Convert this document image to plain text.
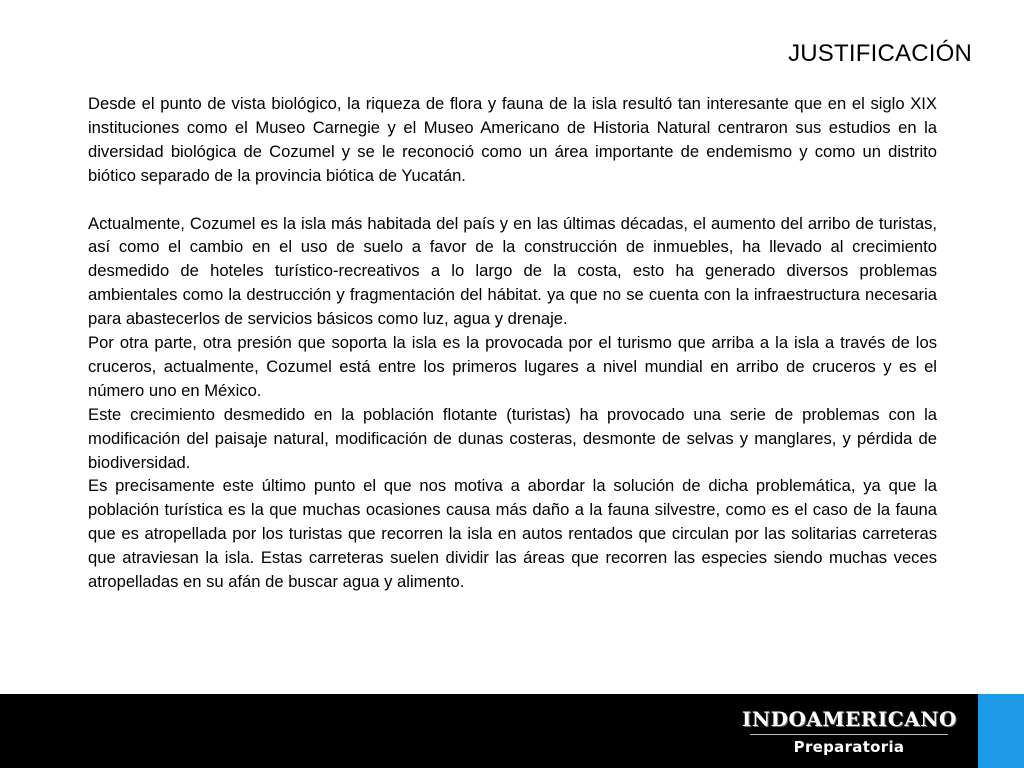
JUSTIFICACIÓN

Desde el punto de vista biológico, la riqueza de flora y fauna de la isla resultó tan interesante que en el siglo XIX instituciones como el Museo Carnegie y el Museo Americano de Historia Natural centraron sus estudios en la diversidad biológica de Cozumel y se le reconoció como un área importante de endemismo y como un distrito biótico separado de la provincia biótica de Yucatán.

Actualmente, Cozumel es la isla más habitada del país y en las últimas décadas, el aumento del arribo de turistas, así como el cambio en el uso de suelo a favor de la construcción de inmuebles, ha llevado al crecimiento desmedido de hoteles turístico-recreativos a lo largo de la costa, esto ha generado diversos problemas ambientales como la destrucción y fragmentación del hábitat. ya que no se cuenta con la infraestructura necesaria para abastecerlos de servicios básicos como luz, agua y drenaje.

Por otra parte, otra presión que soporta la isla es la provocada por el turismo que arriba a la isla a través de los cruceros, actualmente, Cozumel está entre los primeros lugares a nivel mundial en arribo de cruceros y es el número uno en México.

Este crecimiento desmedido en la población flotante (turistas) ha provocado una serie de problemas con la modificación del paisaje natural, modificación de dunas costeras, desmonte de selvas y manglares, y pérdida de biodiversidad.

Es precisamente este último punto el que nos motiva a abordar la solución de dicha problemática, ya que la población turística es la que muchas ocasiones causa más daño a la fauna silvestre, como es el caso de la fauna que es atropellada por los turistas que recorren la isla en autos rentados que circulan por las solitarias carreteras que atraviesan la isla. Estas carreteras suelen dividir las áreas que recorren las especies siendo muchas veces atropelladas en su afán de buscar agua y alimento.

INDOAMERICANO
Preparatoria
